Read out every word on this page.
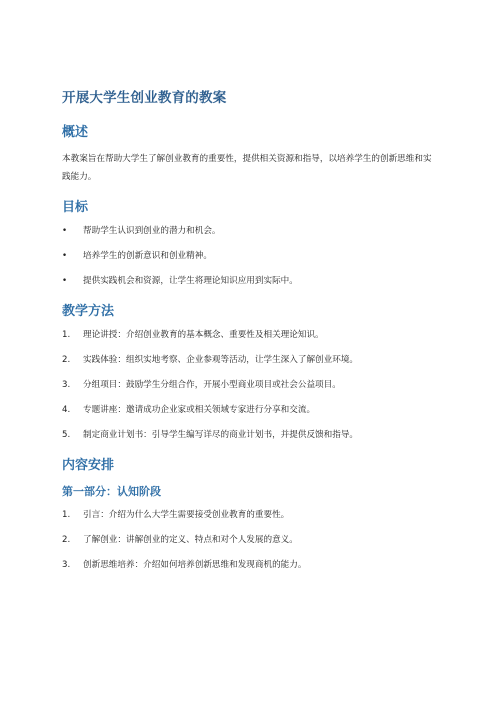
开展大学生创业教育的教案
概述
本教案旨在帮助大学生了解创业教育的重要性，提供相关资源和指导，以培养学生的创新思维和实践能力。
目标
• 帮助学生认识到创业的潜力和机会。
• 培养学生的创新意识和创业精神。
• 提供实践机会和资源，让学生将理论知识应用到实际中。
教学方法
1. 理论讲授：介绍创业教育的基本概念、重要性及相关理论知识。
2. 实践体验：组织实地考察、企业参观等活动，让学生深入了解创业环境。
3. 分组项目：鼓励学生分组合作，开展小型商业项目或社会公益项目。
4. 专题讲座：邀请成功企业家或相关领域专家进行分享和交流。
5. 制定商业计划书：引导学生编写详尽的商业计划书，并提供反馈和指导。
内容安排
第一部分：认知阶段
1. 引言：介绍为什么大学生需要接受创业教育的重要性。
2. 了解创业：讲解创业的定义、特点和对个人发展的意义。
3. 创新思维培养：介绍如何培养创新思维和发现商机的能力。
